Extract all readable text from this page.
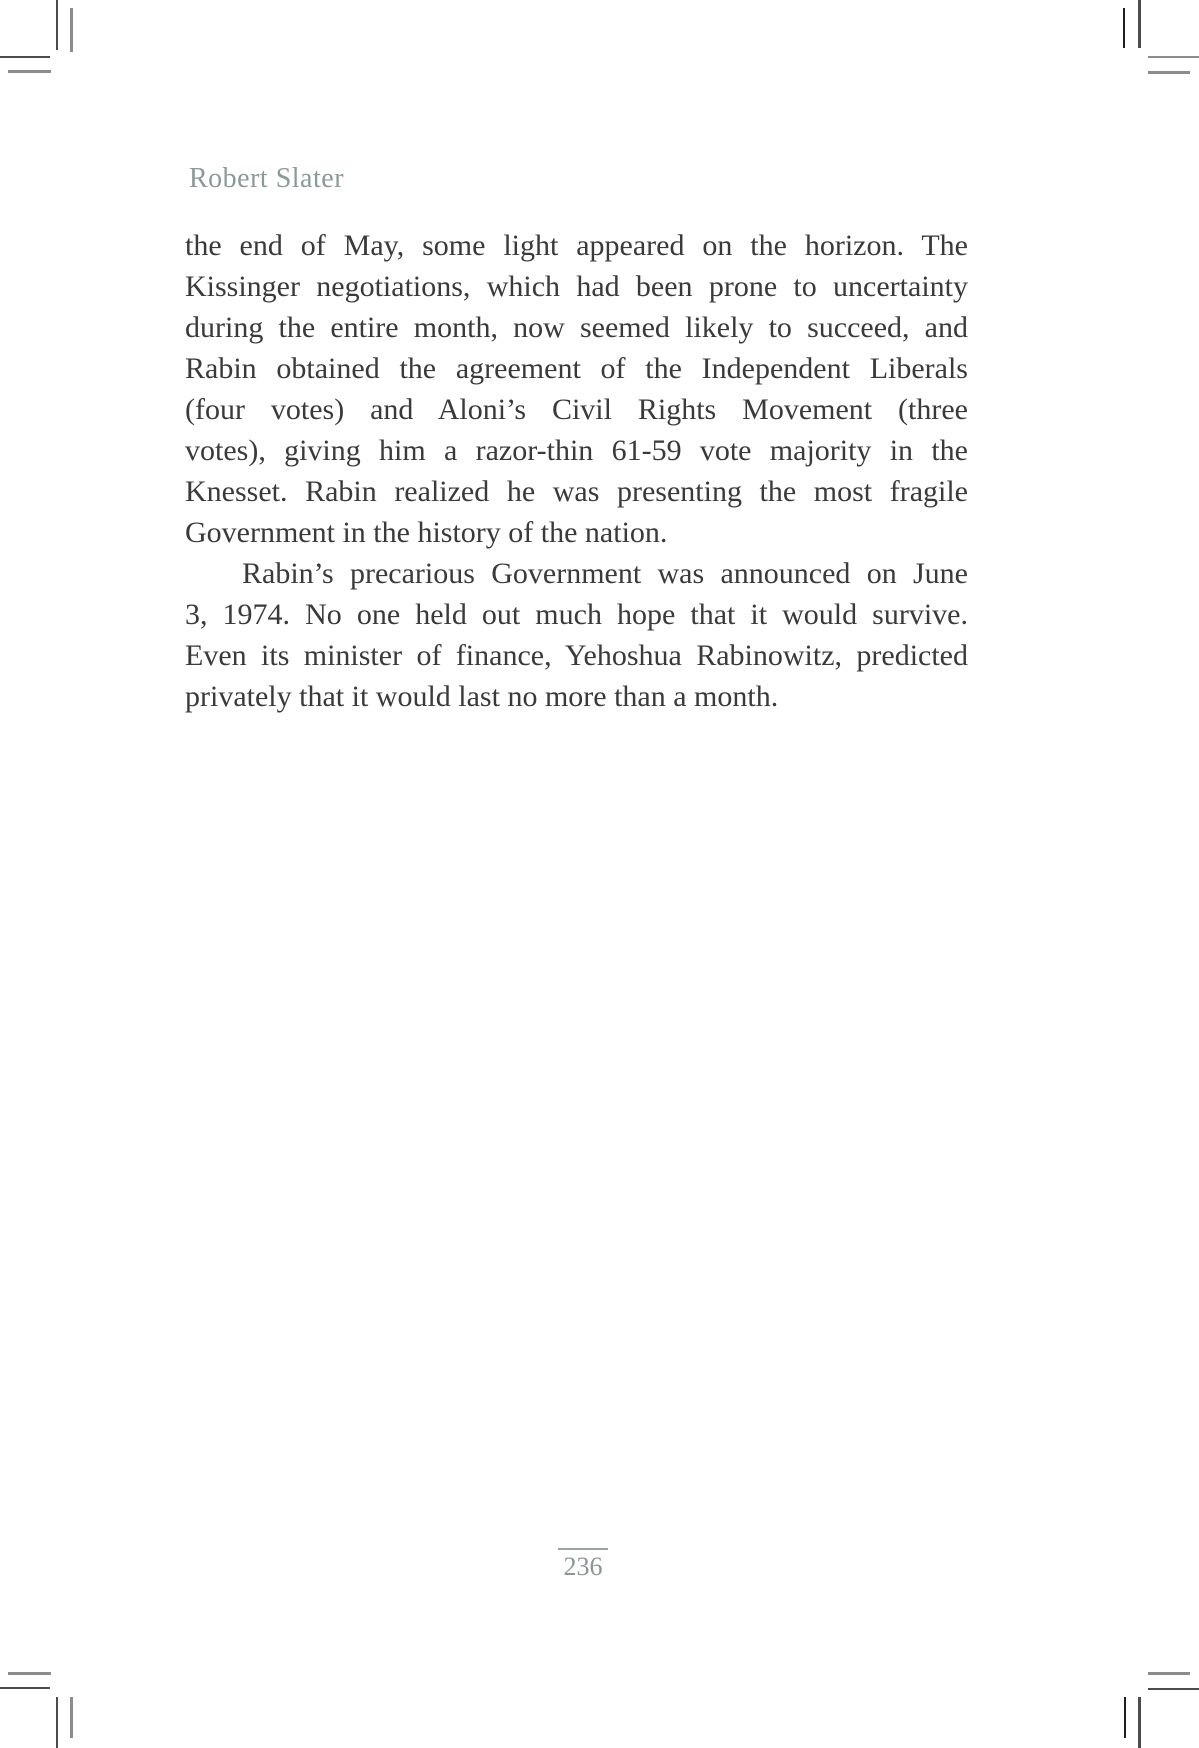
Robert Slater
the end of May, some light appeared on the horizon. The
Kissinger negotiations, which had been prone to uncertainty
during the entire month, now seemed likely to succeed, and
Rabin obtained the agreement of the Independent Liberals
(four votes) and Aloni’s Civil Rights Movement (three
votes), giving him a razor-thin 61-59 vote majority in the
Knesset. Rabin realized he was presenting the most fragile
Government in the history of the nation.
Rabin’s precarious Government was announced on June
3, 1974. No one held out much hope that it would survive.
Even its minister of finance, Yehoshua Rabinowitz, predicted
privately that it would last no more than a month.
236
